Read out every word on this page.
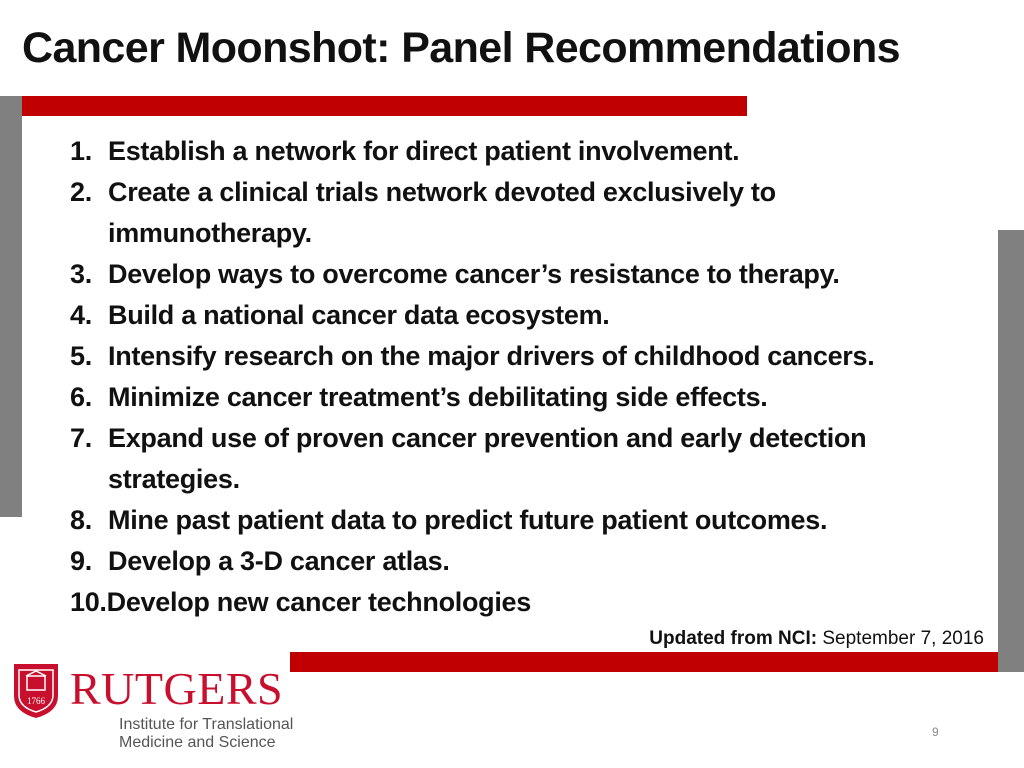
Cancer Moonshot: Panel Recommendations
1. Establish a network for direct patient involvement.
2. Create a clinical trials network devoted exclusively to immunotherapy.
3. Develop ways to overcome cancer’s resistance to therapy.
4. Build a national cancer data ecosystem.
5. Intensify research on the major drivers of childhood cancers.
6. Minimize cancer treatment’s debilitating side effects.
7. Expand use of proven cancer prevention and early detection strategies.
8. Mine past patient data to predict future patient outcomes.
9. Develop a 3-D cancer atlas.
10. Develop new cancer technologies
Updated from NCI: September 7, 2016
1766 RUTGERS
Institute for Translational
Medicine and Science
9
